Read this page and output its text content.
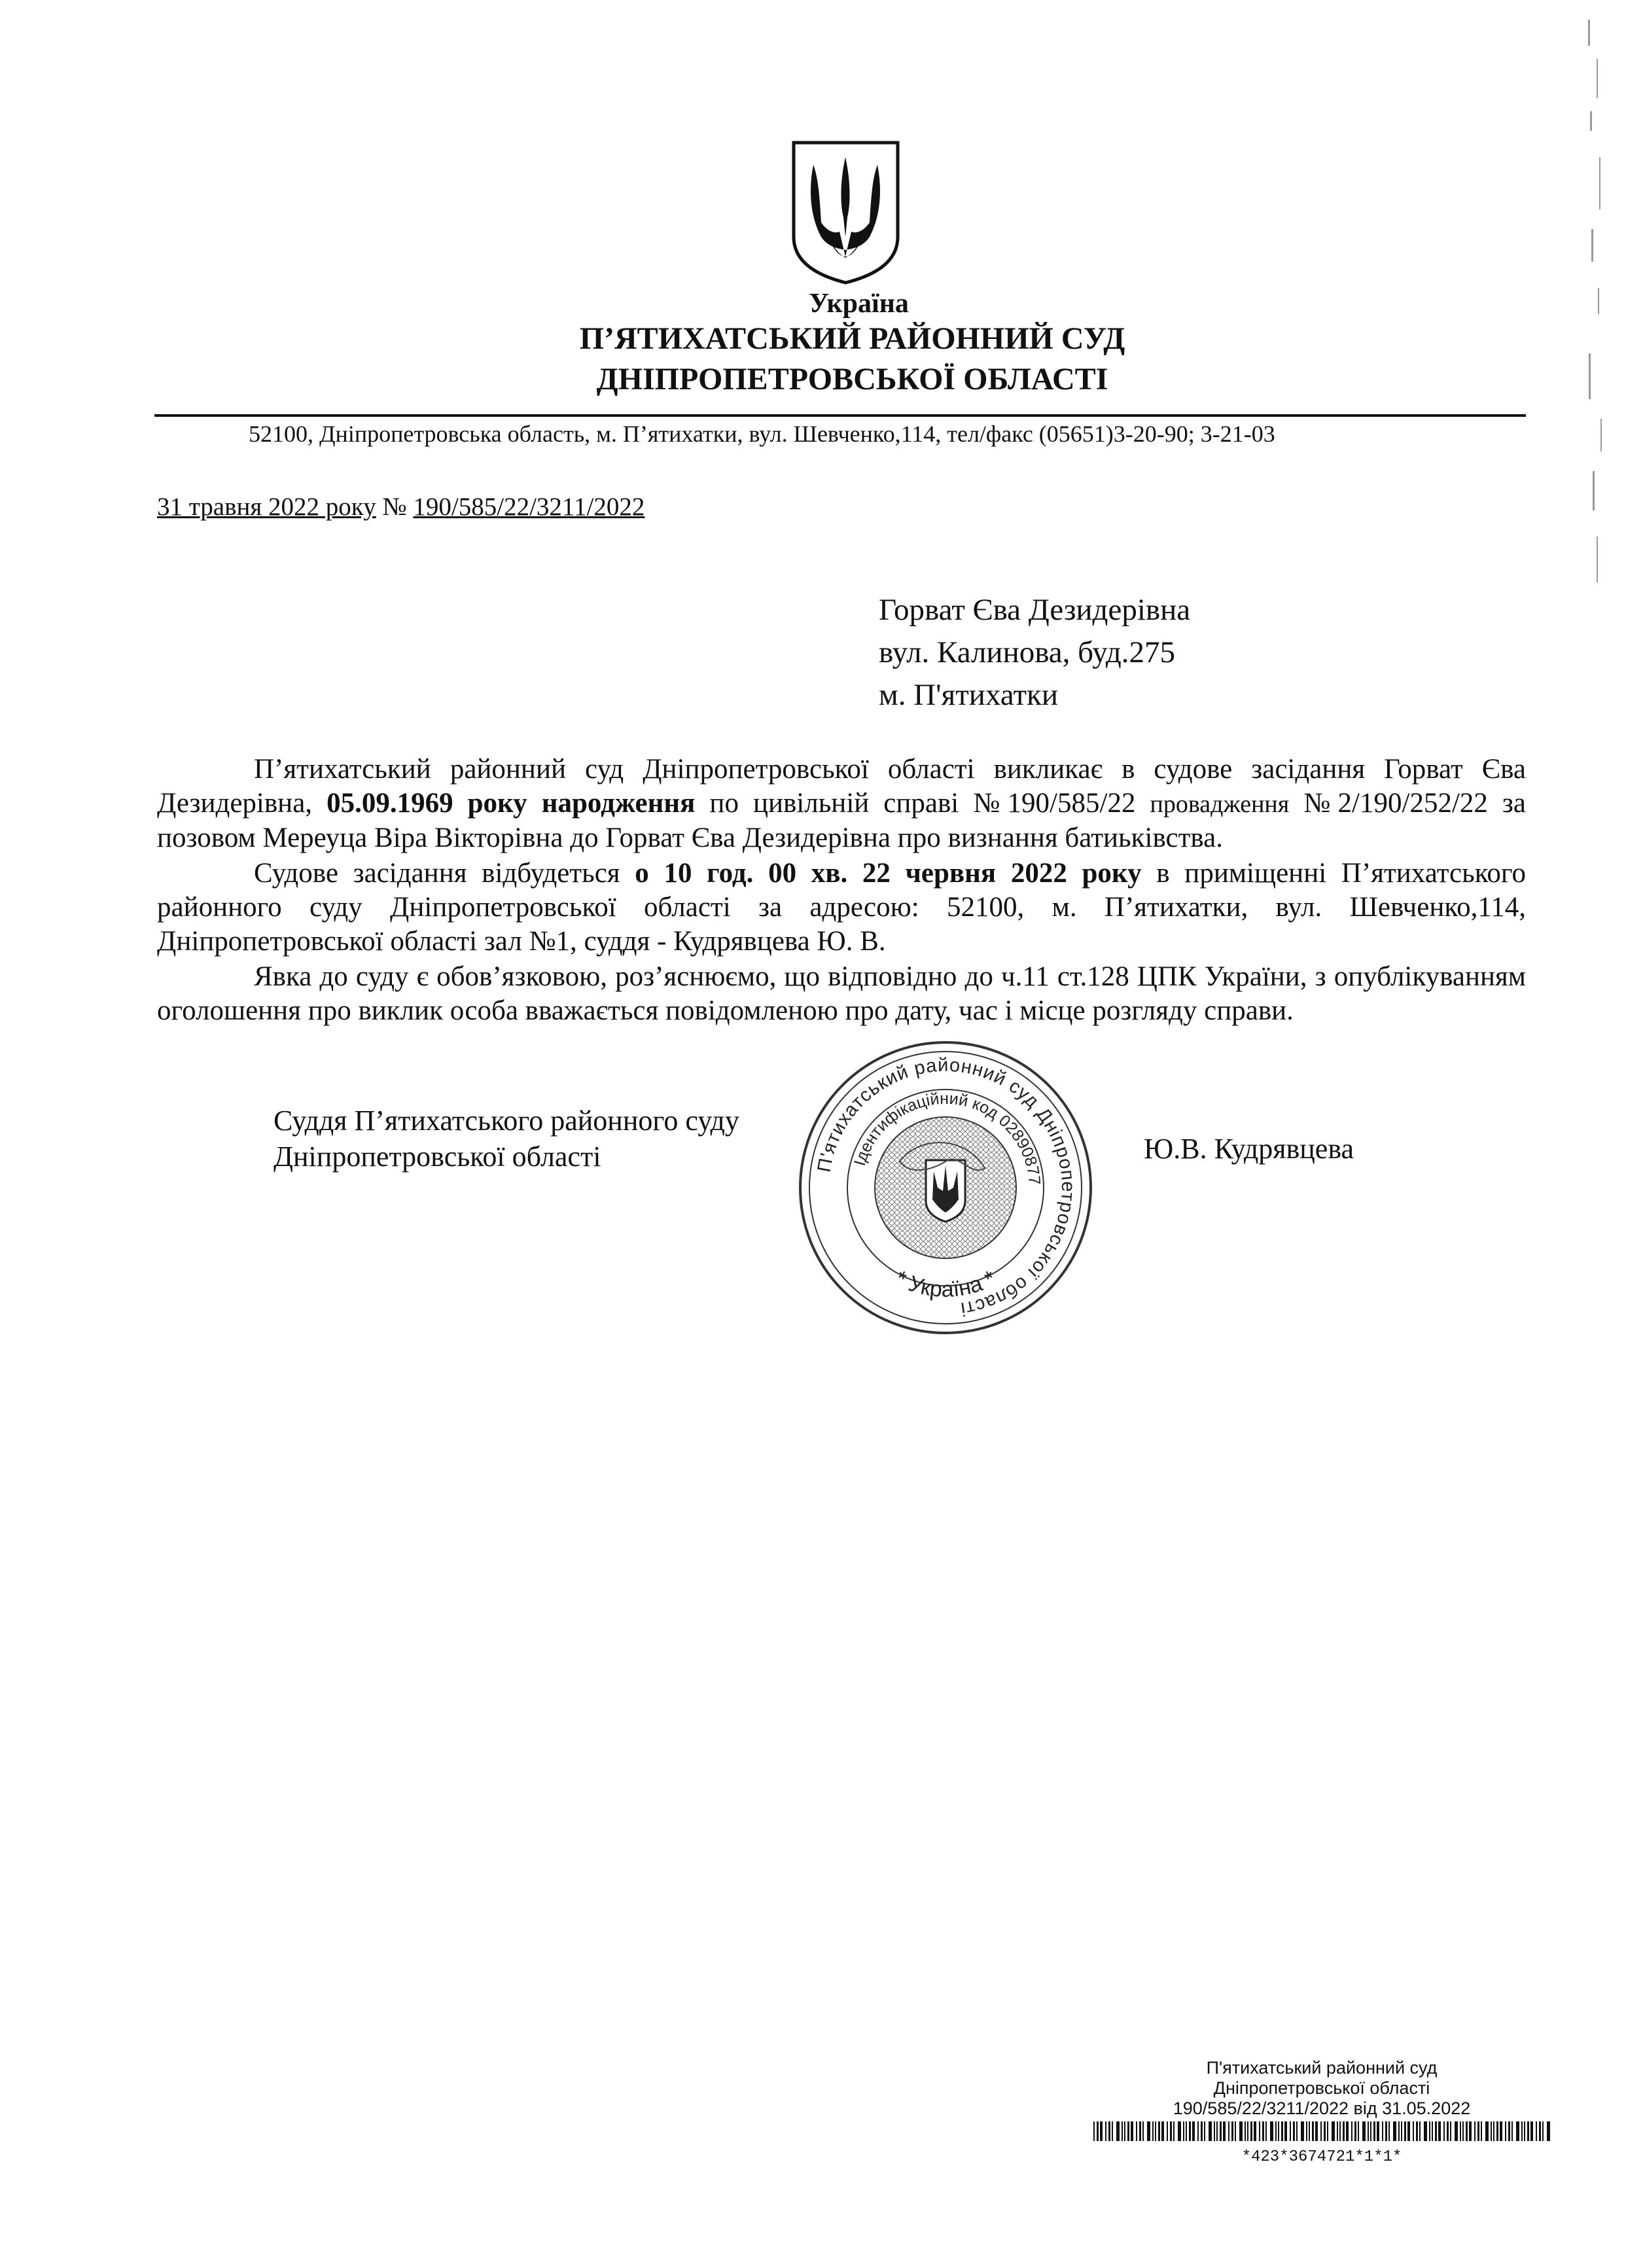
Україна
П’ЯТИХАТСЬКИЙ РАЙОННИЙ СУД
ДНІПРОПЕТРОВСЬКОЇ ОБЛАСТІ
52100, Дніпропетровська область, м. П’ятихатки, вул. Шевченко,114, тел/факс (05651)3-20-90; 3-21-03
31 травня 2022 року № 190/585/22/3211/2022
Горват Єва Дезидерівна
вул. Калинова, буд.275
м. П'ятихатки

П’ятихатський районний суд Дніпропетровської області викликає в судове засідання Горват Єва Дезидерівна, 05.09.1969 року народження по цивільній справі №190/585/22 провадження №2/190/252/22 за позовом Мереуца Віра Вікторівна до Горват Єва Дезидерівна про визнання батиьківства.

Судове засідання відбудеться о 10 год. 00 хв. 22 червня 2022 року в приміщенні П’ятихатського районного суду Дніпропетровської області за адресою: 52100, м. П’ятихатки, вул. Шевченко,114, Дніпропетровської області зал №1, суддя - Кудрявцева Ю. В.

Явка до суду є обов’язковою, роз’яснюємо, що відповідно до ч.11 ст.128 ЦПК України, з опублікуванням оголошення про виклик особа вважається повідомленою про дату, час і місце розгляду справи.

Суддя П’ятихатського районного суду
Дніпропетровської області	Ю.В. Кудрявцева
П'ятихатський районний суд Дніпропетровської області
Ідентифікаційний код 02890877
* Україна *
П'ятихатський районний суд
Дніпропетровської області
190/585/22/3211/2022 від 31.05.2022
*423*3674721*1*1*
